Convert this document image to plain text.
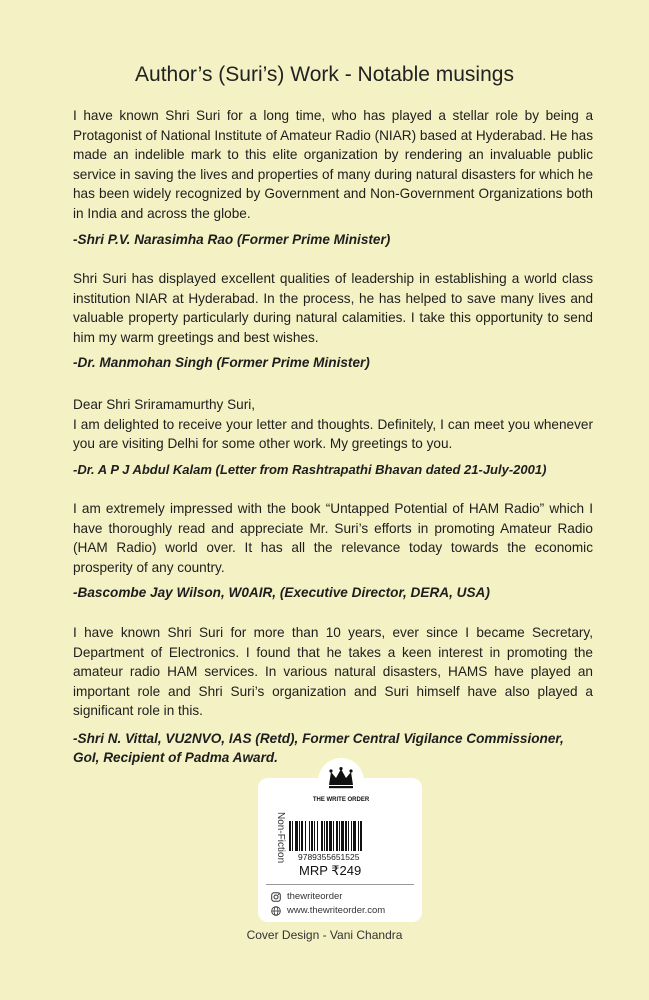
Author’s (Suri’s) Work - Notable musings

I have known Shri Suri for a long time, who has played a stellar role by being a Protagonist of National Institute of Amateur Radio (NIAR) based at Hyderabad. He has made an indelible mark to this elite organization by rendering an invaluable public service in saving the lives and properties of many during natural disasters for which he has been widely recognized by Government and Non-Government Organizations both in India and across the globe.

-Shri P.V. Narasimha Rao (Former Prime Minister)

Shri Suri has displayed excellent qualities of leadership in establishing a world class institution NIAR at Hyderabad. In the process, he has helped to save many lives and valuable property particularly during natural calamities. I take this opportunity to send him my warm greetings and best wishes.

-Dr. Manmohan Singh (Former Prime Minister)

Dear Shri Sriramamurthy Suri,

I am delighted to receive your letter and thoughts. Definitely, I can meet you whenever you are visiting Delhi for some other work. My greetings to you.

-Dr. A P J Abdul Kalam (Letter from Rashtrapathi Bhavan dated 21-July-2001)

I am extremely impressed with the book “Untapped Potential of HAM Radio” which I have thoroughly read and appreciate Mr. Suri’s efforts in promoting Amateur Radio (HAM Radio) world over. It has all the relevance today towards the economic prosperity of any country.

-Bascombe Jay Wilson, W0AIR, (Executive Director, DERA, USA)

I have known Shri Suri for more than 10 years, ever since I became Secretary, Department of Electronics. I found that he takes a keen interest in promoting the amateur radio HAM services. In various natural disasters, HAMS have played an important role and Shri Suri’s organization and Suri himself have also played a significant role in this.

-Shri N. Vittal, VU2NVO, IAS (Retd), Former Central Vigilance Commissioner, GoI, Recipient of Padma Award.

THE WRITE ORDER
Non-Fiction 9789355651525
MRP ₹249
thewriteorder
www.thewriteorder.com
Cover Design - Vani Chandra
